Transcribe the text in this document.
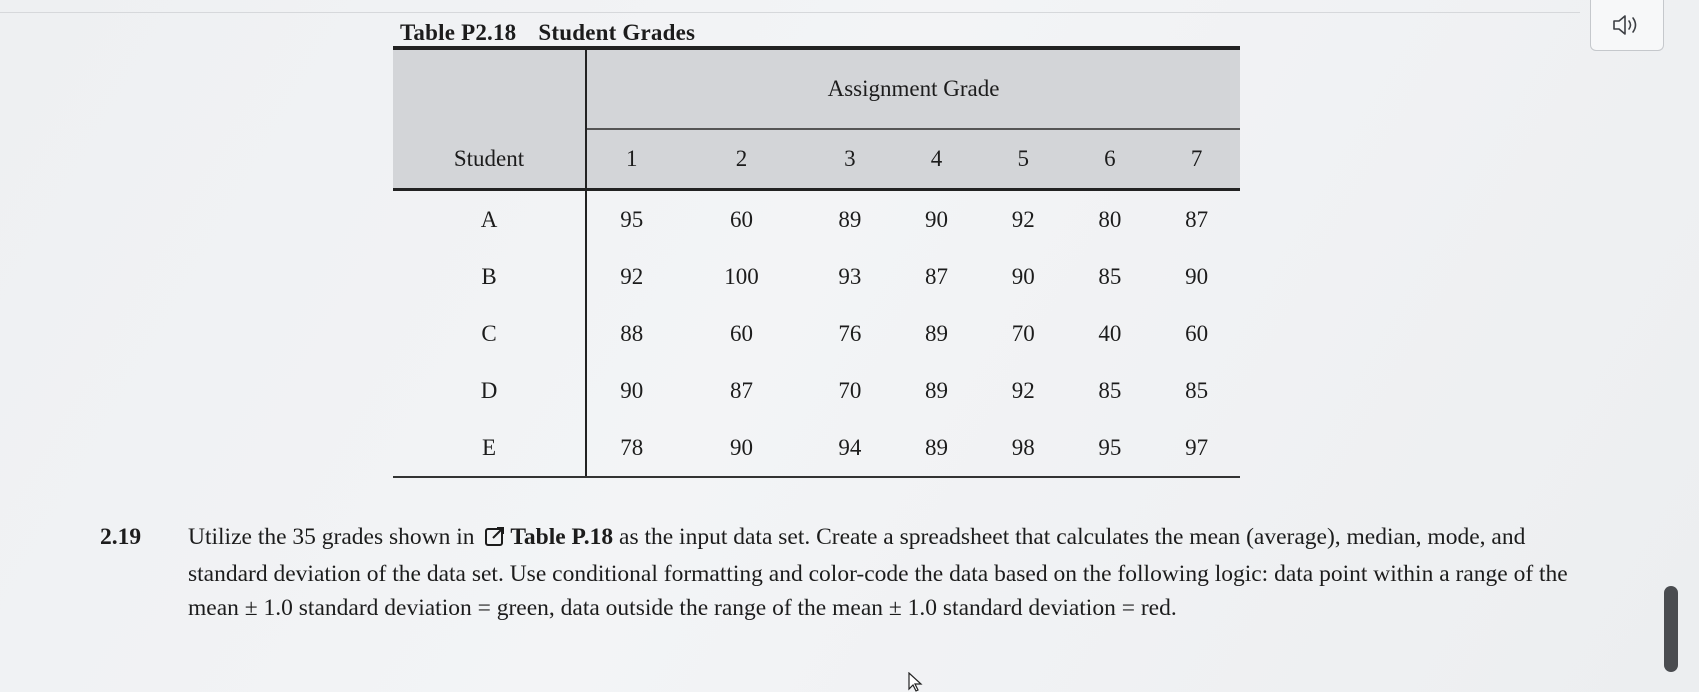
Table P2.18 Student Grades
	Assignment Grade						
Student	1	2	3	4	5	6	7
A	95	60	89	90	92	80	87
B	92	100	93	87	90	85	90
C	88	60	76	89	70	40	60
D	90	87	70	89	92	85	85
E	78	90	94	89	98	95	97
2.19 Utilize the 35 grades shown in Table P.18 as the input data set. Create a spreadsheet that calculates the mean (average), median, mode, and standard deviation of the data set. Use conditional formatting and color-code the data based on the following logic: data point within a range of the mean ± 1.0 standard deviation = green, data outside the range of the mean ± 1.0 standard deviation = red.
